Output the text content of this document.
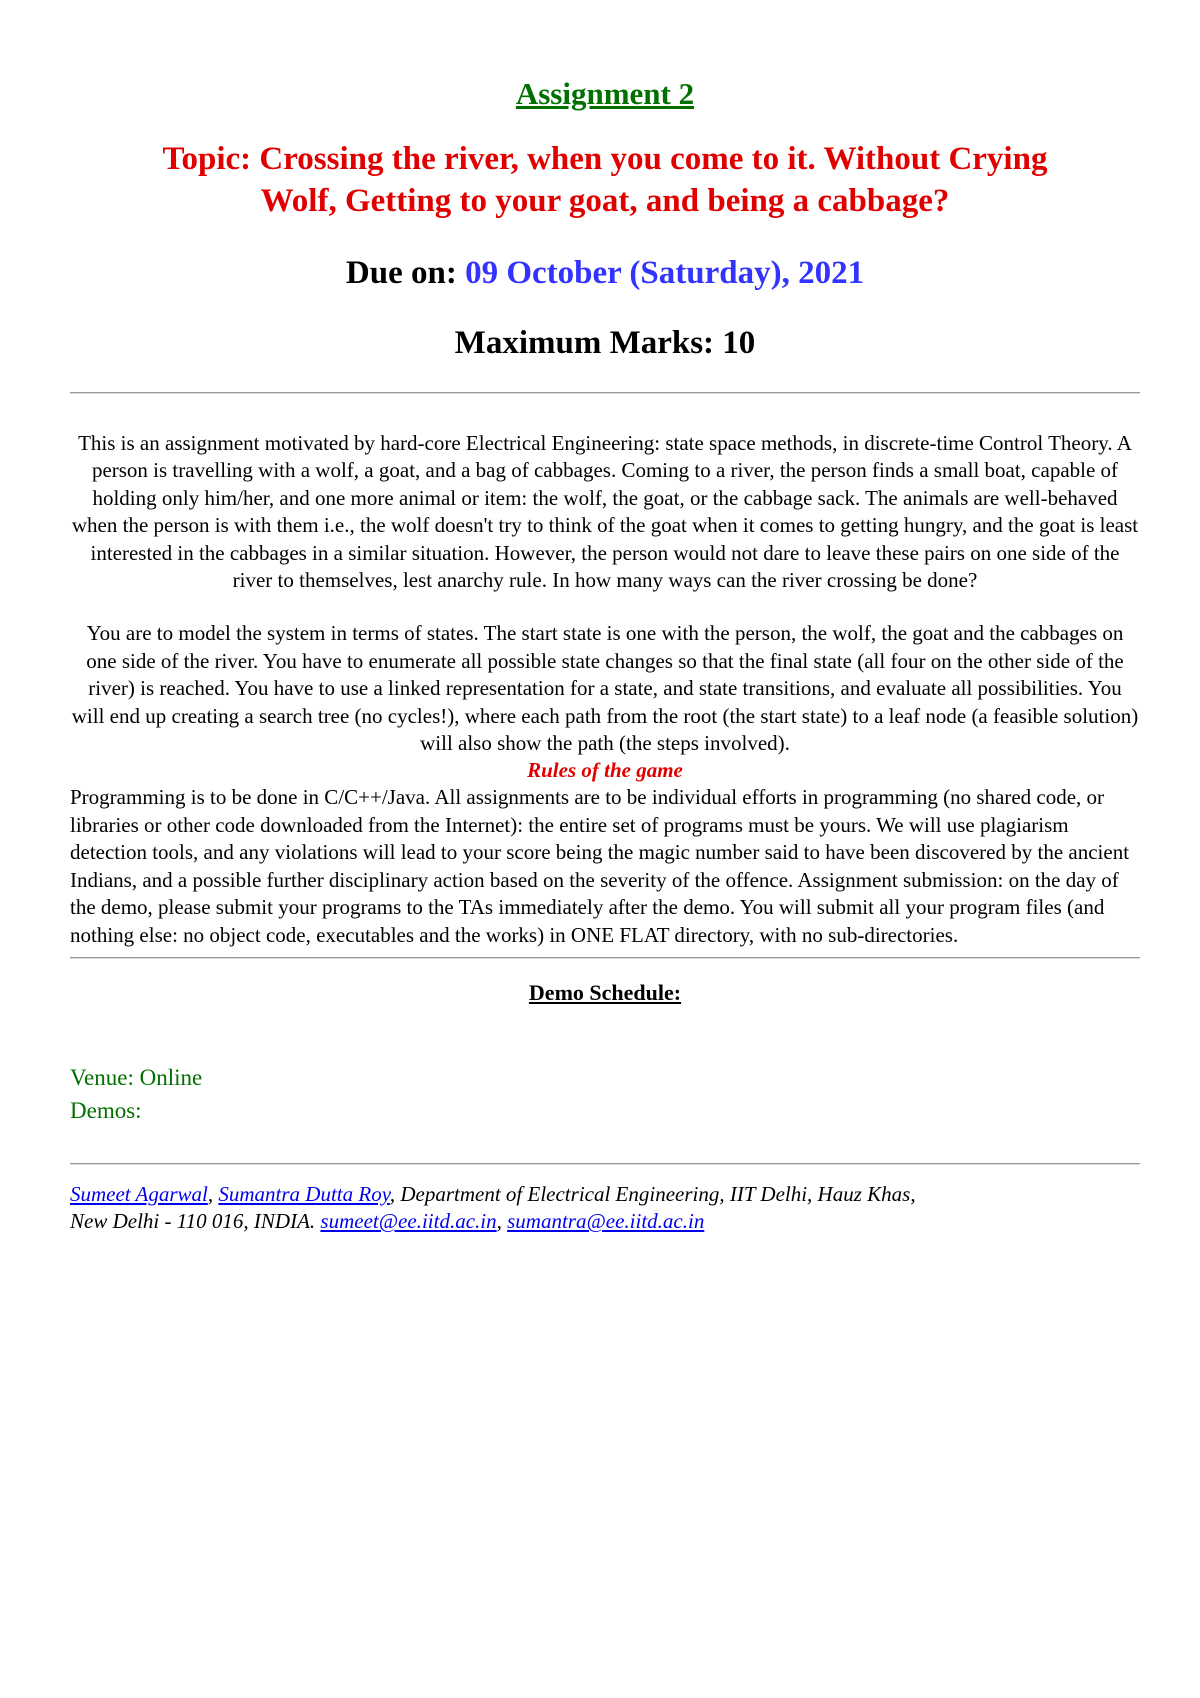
Assignment 2
Topic: Crossing the river, when you come to it. Without Crying
Wolf, Getting to your goat, and being a cabbage?
Due on: 09 October (Saturday), 2021
Maximum Marks: 10

This is an assignment motivated by hard-core Electrical Engineering: state space methods, in discrete-time Control Theory. A person is travelling with a wolf, a goat, and a bag of cabbages. Coming to a river, the person finds a small boat, capable of holding only him/her, and one more animal or item: the wolf, the goat, or the cabbage sack. The animals are well-behaved when the person is with them i.e., the wolf doesn't try to think of the goat when it comes to getting hungry, and the goat is least interested in the cabbages in a similar situation. However, the person would not dare to leave these pairs on one side of the river to themselves, lest anarchy rule. In how many ways can the river crossing be done?

You are to model the system in terms of states. The start state is one with the person, the wolf, the goat and the cabbages on one side of the river. You have to enumerate all possible state changes so that the final state (all four on the other side of the river) is reached. You have to use a linked representation for a state, and state transitions, and evaluate all possibilities. You will end up creating a search tree (no cycles!), where each path from the root (the start state) to a leaf node (a feasible solution) will also show the path (the steps involved).

Rules of the game

Programming is to be done in C/C++/Java. All assignments are to be individual efforts in programming (no shared code, or libraries or other code downloaded from the Internet): the entire set of programs must be yours. We will use plagiarism detection tools, and any violations will lead to your score being the magic number said to have been discovered by the ancient Indians, and a possible further disciplinary action based on the severity of the offence. Assignment submission: on the day of the demo, please submit your programs to the TAs immediately after the demo. You will submit all your program files (and nothing else: no object code, executables and the works) in ONE FLAT directory, with no sub-directories.

Demo Schedule:
Venue: Online
Demos:
Sumeet Agarwal, Sumantra Dutta Roy, Department of Electrical Engineering, IIT Delhi, Hauz Khas,
New Delhi - 110 016, INDIA. sumeet@ee.iitd.ac.in, sumantra@ee.iitd.ac.in
